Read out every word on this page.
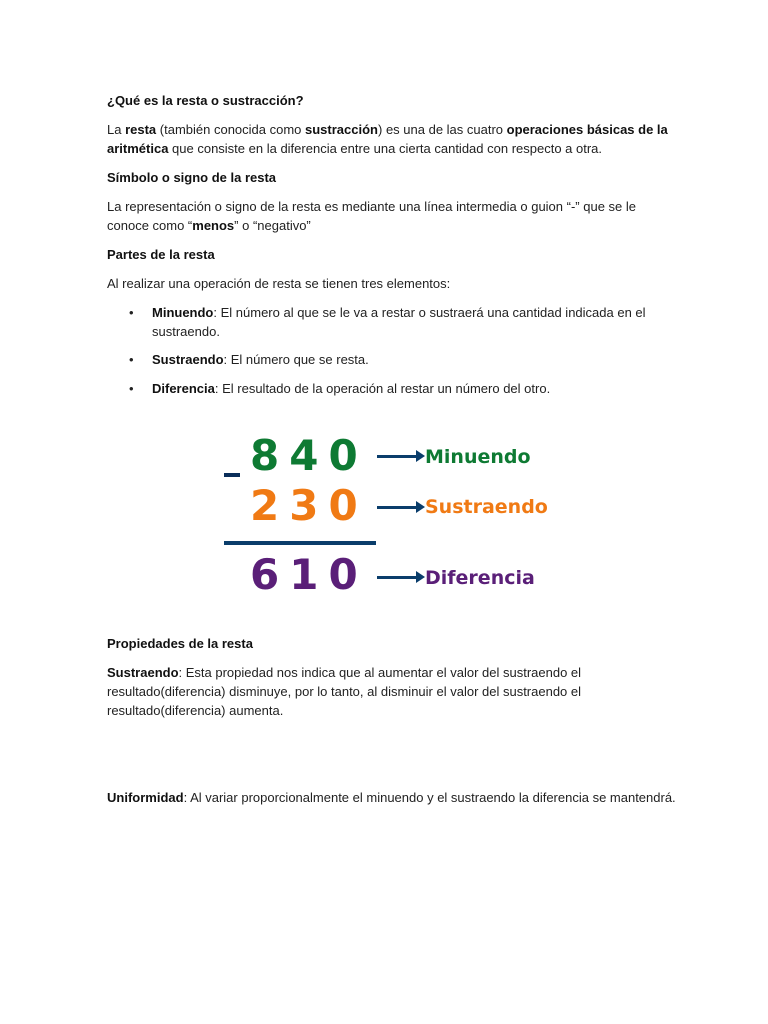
¿Qué es la resta o sustracción?
La resta (también conocida como sustracción) es una de las cuatro operaciones básicas de la
aritmética que consiste en la diferencia entre una cierta cantidad con respecto a otra.
Símbolo o signo de la resta
La representación o signo de la resta es mediante una línea intermedia o guion “-” que se le
conoce como “menos” o “negativo”
Partes de la resta
Al realizar una operación de resta se tienen tres elementos:
• Minuendo: El número al que se le va a restar o sustraerá una cantidad indicada en el
sustraendo.
• Sustraendo: El número que se resta.
• Diferencia: El resultado de la operación al restar un número del otro.
Propiedades de la resta
Sustraendo: Esta propiedad nos indica que al aumentar el valor del sustraendo el
resultado(diferencia) disminuye, por lo tanto, al disminuir el valor del sustraendo el
resultado(diferencia) aumenta.
Uniformidad: Al variar proporcionalmente el minuendo y el sustraendo la diferencia se mantendrá.
840
230
610
Minuendo
Sustraendo
Diferencia
